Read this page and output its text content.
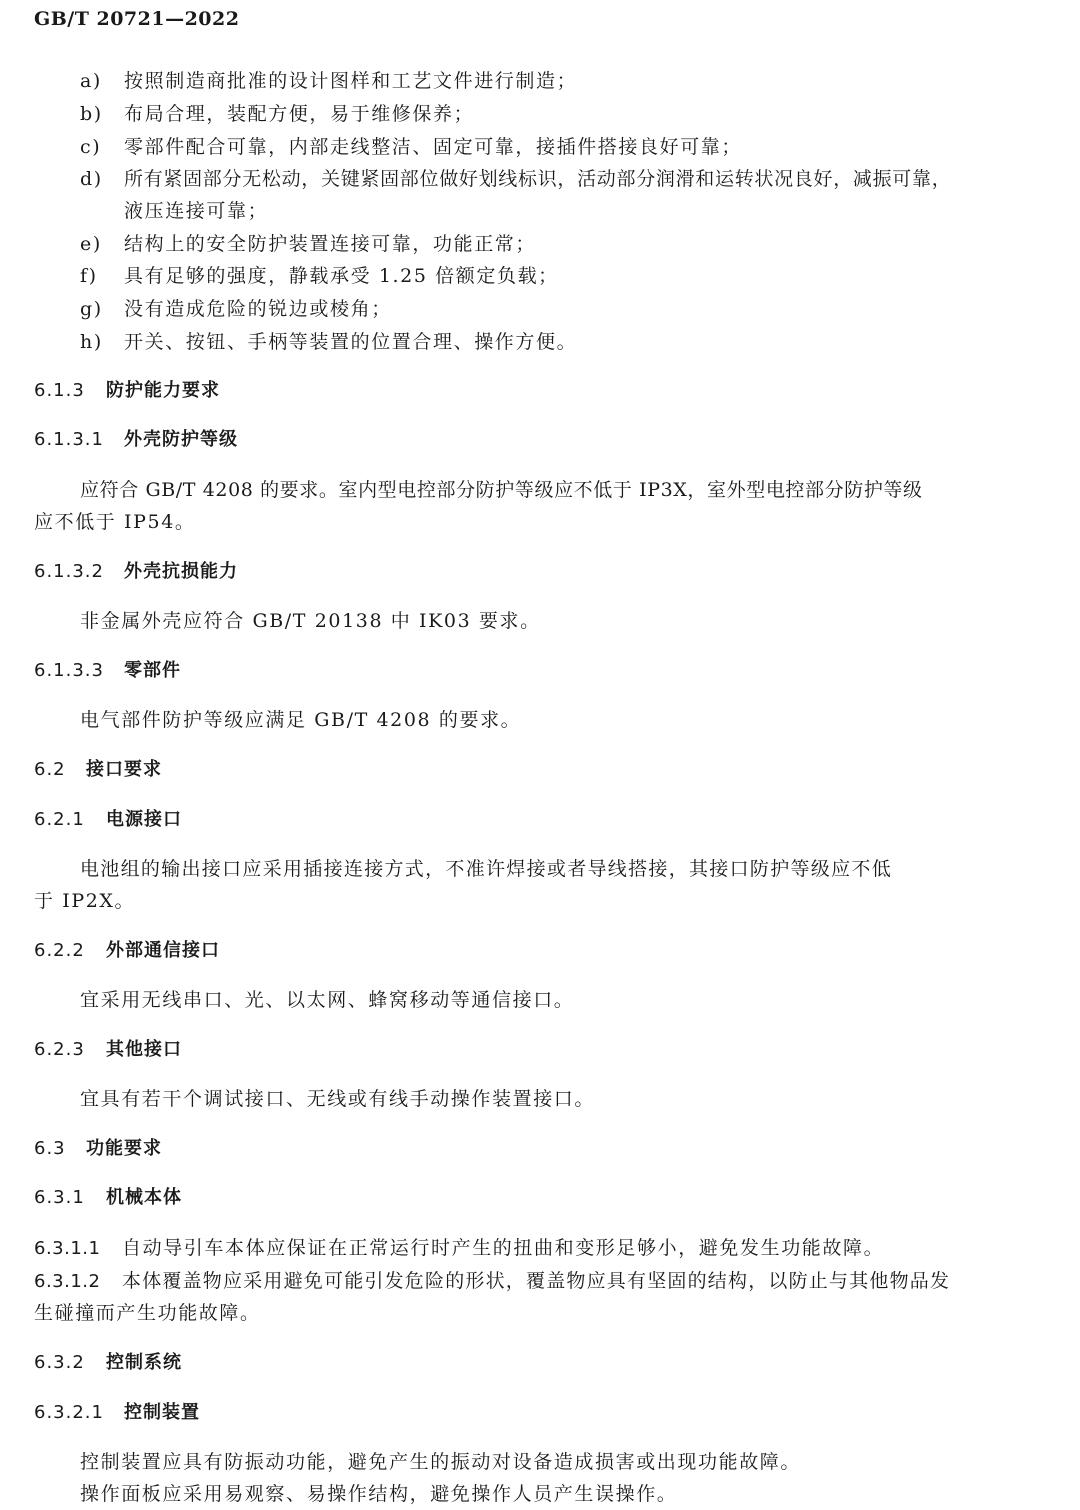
GB/T 20721—2022
a) 按照制造商批准的设计图样和工艺文件进行制造；
b) 布局合理，装配方便，易于维修保养；
c) 零部件配合可靠，内部走线整洁、固定可靠，接插件搭接良好可靠；
d) 所有紧固部分无松动，关键紧固部位做好划线标识，活动部分润滑和运转状况良好，减振可靠，
液压连接可靠；
e) 结构上的安全防护装置连接可靠，功能正常；
f) 具有足够的强度，静载承受 1.25 倍额定负载；
g) 没有造成危险的锐边或棱角；
h) 开关、按钮、手柄等装置的位置合理、操作方便。
6.1.3 防护能力要求
6.1.3.1 外壳防护等级
应符合 GB/T 4208 的要求。室内型电控部分防护等级应不低于 IP3X，室外型电控部分防护等级
应不低于 IP54。
6.1.3.2 外壳抗损能力
非金属外壳应符合 GB/T 20138 中 IK03 要求。
6.1.3.3 零部件
电气部件防护等级应满足 GB/T 4208 的要求。
6.2 接口要求
6.2.1 电源接口
电池组的输出接口应采用插接连接方式，不准许焊接或者导线搭接，其接口防护等级应不低
于 IP2X。
6.2.2 外部通信接口
宜采用无线串口、光、以太网、蜂窝移动等通信接口。
6.2.3 其他接口
宜具有若干个调试接口、无线或有线手动操作装置接口。
6.3 功能要求
6.3.1 机械本体
6.3.1.1 自动导引车本体应保证在正常运行时产生的扭曲和变形足够小，避免发生功能故障。
6.3.1.2 本体覆盖物应采用避免可能引发危险的形状，覆盖物应具有坚固的结构，以防止与其他物品发
生碰撞而产生功能故障。
6.3.2 控制系统
6.3.2.1 控制装置
控制装置应具有防振动功能，避免产生的振动对设备造成损害或出现功能故障。
操作面板应采用易观察、易操作结构，避免操作人员产生误操作。
